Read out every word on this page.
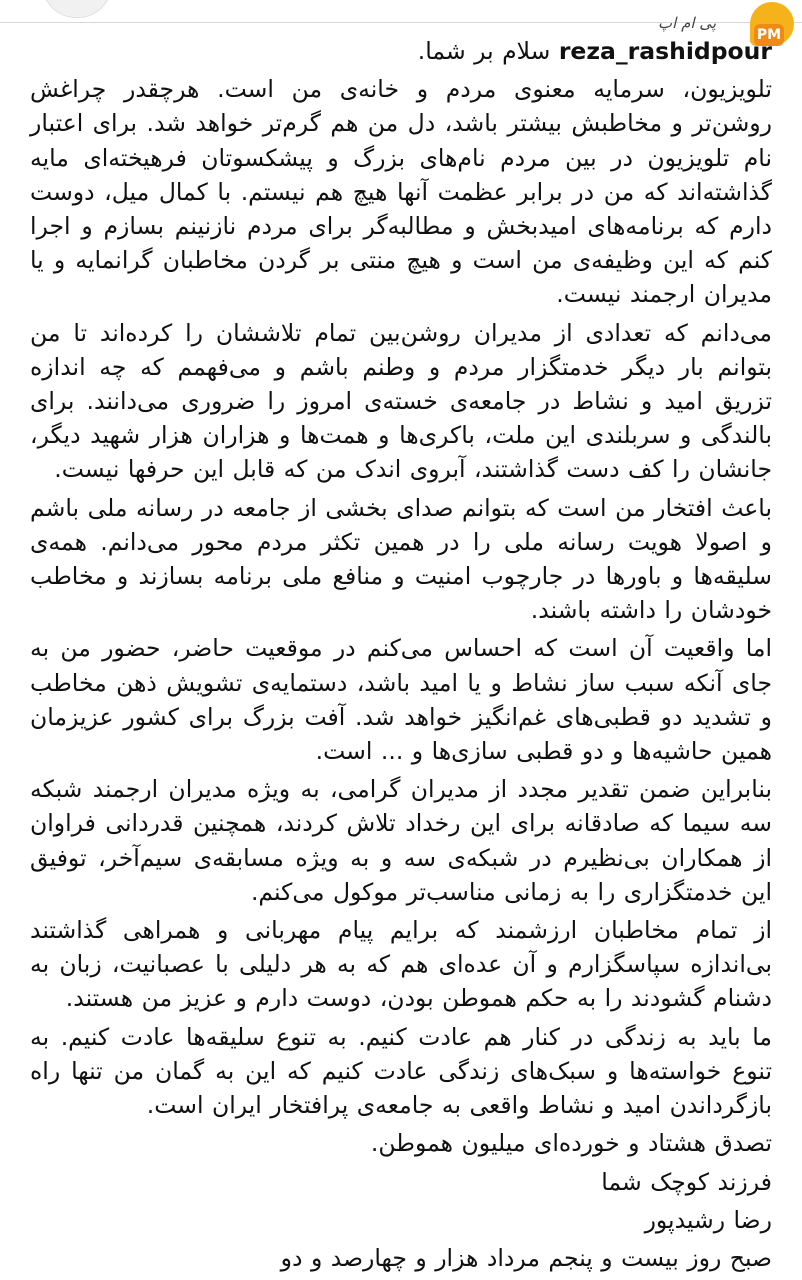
پی ام اپ
PM

reza_rashidpour سلام بر شما.

تلویزیون، سرمایه معنوی مردم و خانه‌ی من است. هرچقدر چراغش روشن‌تر و مخاطبش بیشتر باشد، دل من هم گرم‌تر خواهد شد. برای اعتبار نام تلویزیون در بین مردم نام‌های بزرگ و پیشکسوتان فرهیخته‌ای مایه گذاشته‌اند که من در برابر عظمت آنها هیچ هم نیستم. با کمال میل، دوست دارم که برنامه‌های امیدبخش و مطالبه‌گر برای مردم نازنینم بسازم و اجرا کنم که این وظیفه‌ی من است و هیچ منتی بر گردن مخاطبان گرانمایه و یا مدیران ارجمند نیست.

می‌دانم که تعدادی از مدیران روشن‌بین تمام تلاششان را کرده‌اند تا من بتوانم بار دیگر خدمتگزار مردم و وطنم باشم و می‌فهمم که چه اندازه تزریق امید و نشاط در جامعه‌ی خسته‌ی امروز را ضروری می‌دانند. برای بالندگی و سربلندی این ملت، باکری‌ها و همت‌ها و هزاران هزار شهید دیگر، جانشان را کف دست گذاشتند، آبروی اندک من که قابل این حرفها نیست.

باعث افتخار من است که بتوانم صدای بخشی از جامعه در رسانه ملی باشم و اصولا هویت رسانه ملی را در همین تکثر مردم محور می‌دانم. همه‌ی سلیقه‌ها و باورها در جارچوب امنیت و منافع ملی برنامه بسازند و مخاطب خودشان را داشته باشند.

اما واقعیت آن است که احساس می‌کنم در موقعیت حاضر، حضور من به جای آنکه سبب ساز نشاط و یا امید باشد، دستمایه‌ی تشویش ذهن مخاطب و تشدید دو قطبی‌های غم‌انگیز خواهد شد. آفت بزرگ برای کشور عزیزمان همین حاشیه‌ها و دو قطبی سازی‌ها و ... است.

بنابراین ضمن تقدیر مجدد از مدیران گرامی، به ویژه مدیران ارجمند شبکه سه سیما که صادقانه برای این رخداد تلاش کردند، همچنین قدردانی فراوان از همکاران بی‌نظیرم در شبکه‌ی سه و به ویژه مسابقه‌ی سیم‌آخر، توفیق این خدمتگزاری را به زمانی مناسب‌تر موکول می‌کنم.

از تمام مخاطبان ارزشمند که برایم پیام مهربانی و همراهی گذاشتند بی‌اندازه سپاسگزارم و آن عده‌ای هم که به هر دلیلی با عصبانیت، زبان به دشنام گشودند را به حکم هموطن بودن، دوست دارم و عزیز من هستند.

ما باید به زندگی در کنار هم عادت کنیم. به تنوع سلیقه‌ها عادت کنیم. به تنوع خواسته‌ها و سبک‌های زندگی عادت کنیم که این به گمان من تنها راه بازگرداندن امید و نشاط واقعی به جامعه‌ی پرافتخار ایران است.

تصدق هشتاد و خورده‌ای میلیون هموطن.

فرزند کوچک شما

رضا رشیدپور

صبح روز بیست و پنجم مرداد هزار و چهارصد و دو
